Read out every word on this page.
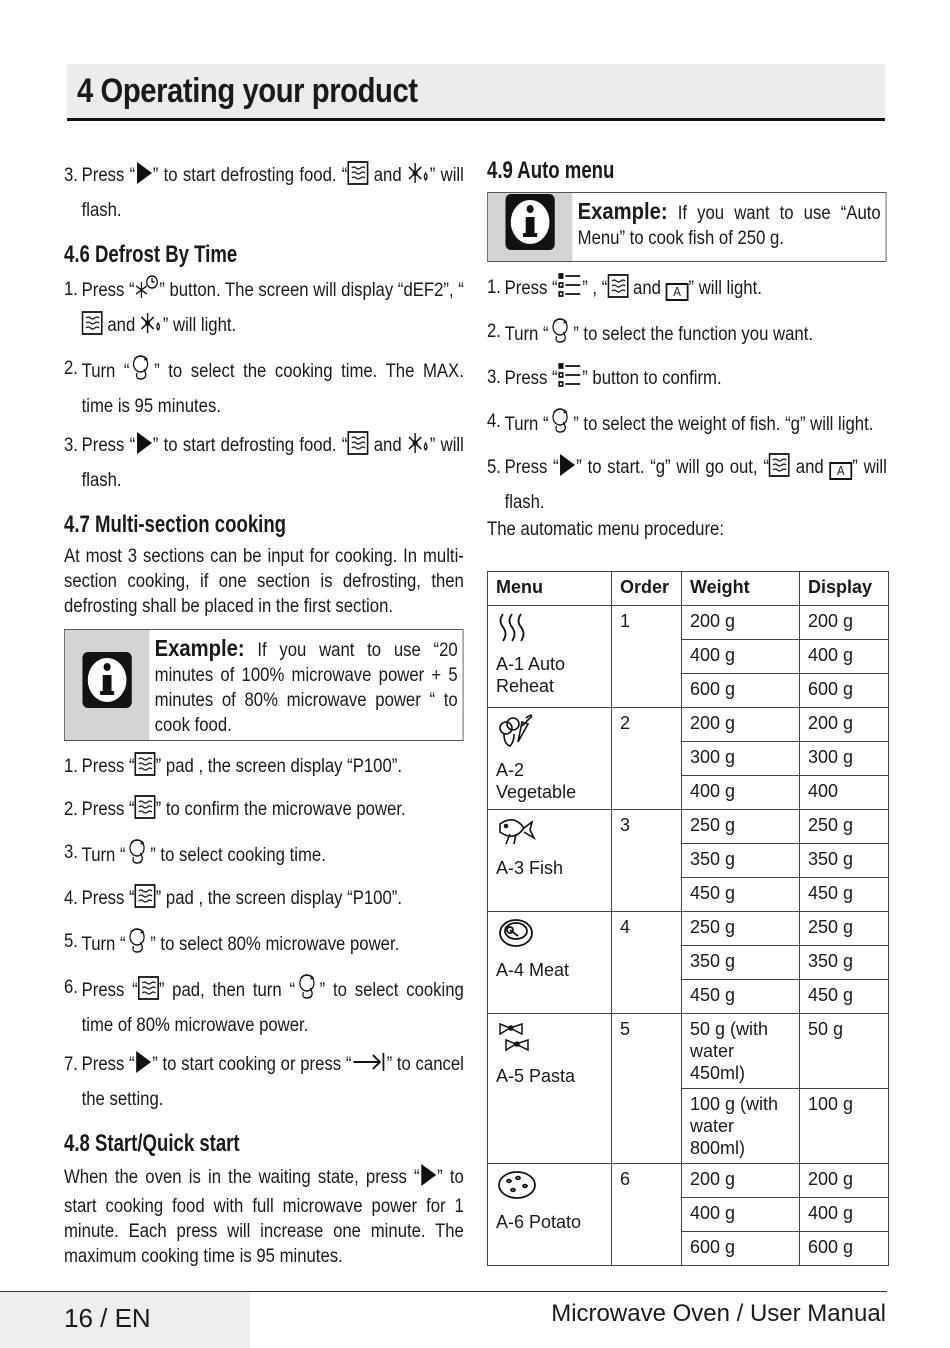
4 Operating your product
3. Press “ ” to start defrosting food. “ and ” will flash.
4.6 Defrost By Time
1. Press “ ” button. The screen will display “dEF2”, “ and ” will light.
2. Turn “ ” to select the cooking time. The MAX. time is 95 minutes.
3. Press “ ” to start defrosting food. “ and ” will flash.
4.7 Multi-section cooking

At most 3 sections can be input for cooking. In multi-section cooking, if one section is defrosting, then defrosting shall be placed in the first section.

Example: If you want to use “20 minutes of 100% microwave power + 5 minutes of 80% microwave power “ to cook food.
1. Press “ ” pad , the screen display “P100”.
2. Press “ ” to confirm the microwave power.
3. Turn “ ” to select cooking time.
4. Press “ ” pad , the screen display “P100”.
5. Turn “ ” to select 80% microwave power.
6. Press “ ” pad, then turn “ ” to select cooking time of 80% microwave power.
7. Press “ ” to start cooking or press “ ” to cancel the setting.
4.8 Start/Quick start

When the oven is in the waiting state, press “ ” to start cooking food with full microwave power for 1 minute. Each press will increase one minute. The maximum cooking time is 95 minutes.

4.9 Auto menu
Example: If you want to use “Auto Menu” to cook fish of 250 g.
1. Press “ ” , “ and A ” will light.
2. Turn “ ” to select the function you want.
3. Press “ ” button to confirm.
4. Turn “ ” to select the weight of fish. “g” will light.
5. Press “ ” to start. “g” will go out, “ and A ” will flash.
The automatic menu procedure:
Menu	Order	Weight	Display

A-1 Auto Reheat	1	200 g	200 g
		400 g	400 g
		600 g	600 g

A-2 Vegetable	2	200 g	200 g
		300 g	300 g
		400 g	400

A-3 Fish	3	250 g	250 g
		350 g	350 g
		450 g	450 g

A-4 Meat	4	250 g	250 g
		350 g	350 g
		450 g	450 g

A-5 Pasta	5	50 g (with water 450ml)	50 g
		100 g (with water 800ml)	100 g

A-6 Potato	6	200 g	200 g
		400 g	400 g
		600 g	600 g
16 / EN	Microwave Oven / User Manual
